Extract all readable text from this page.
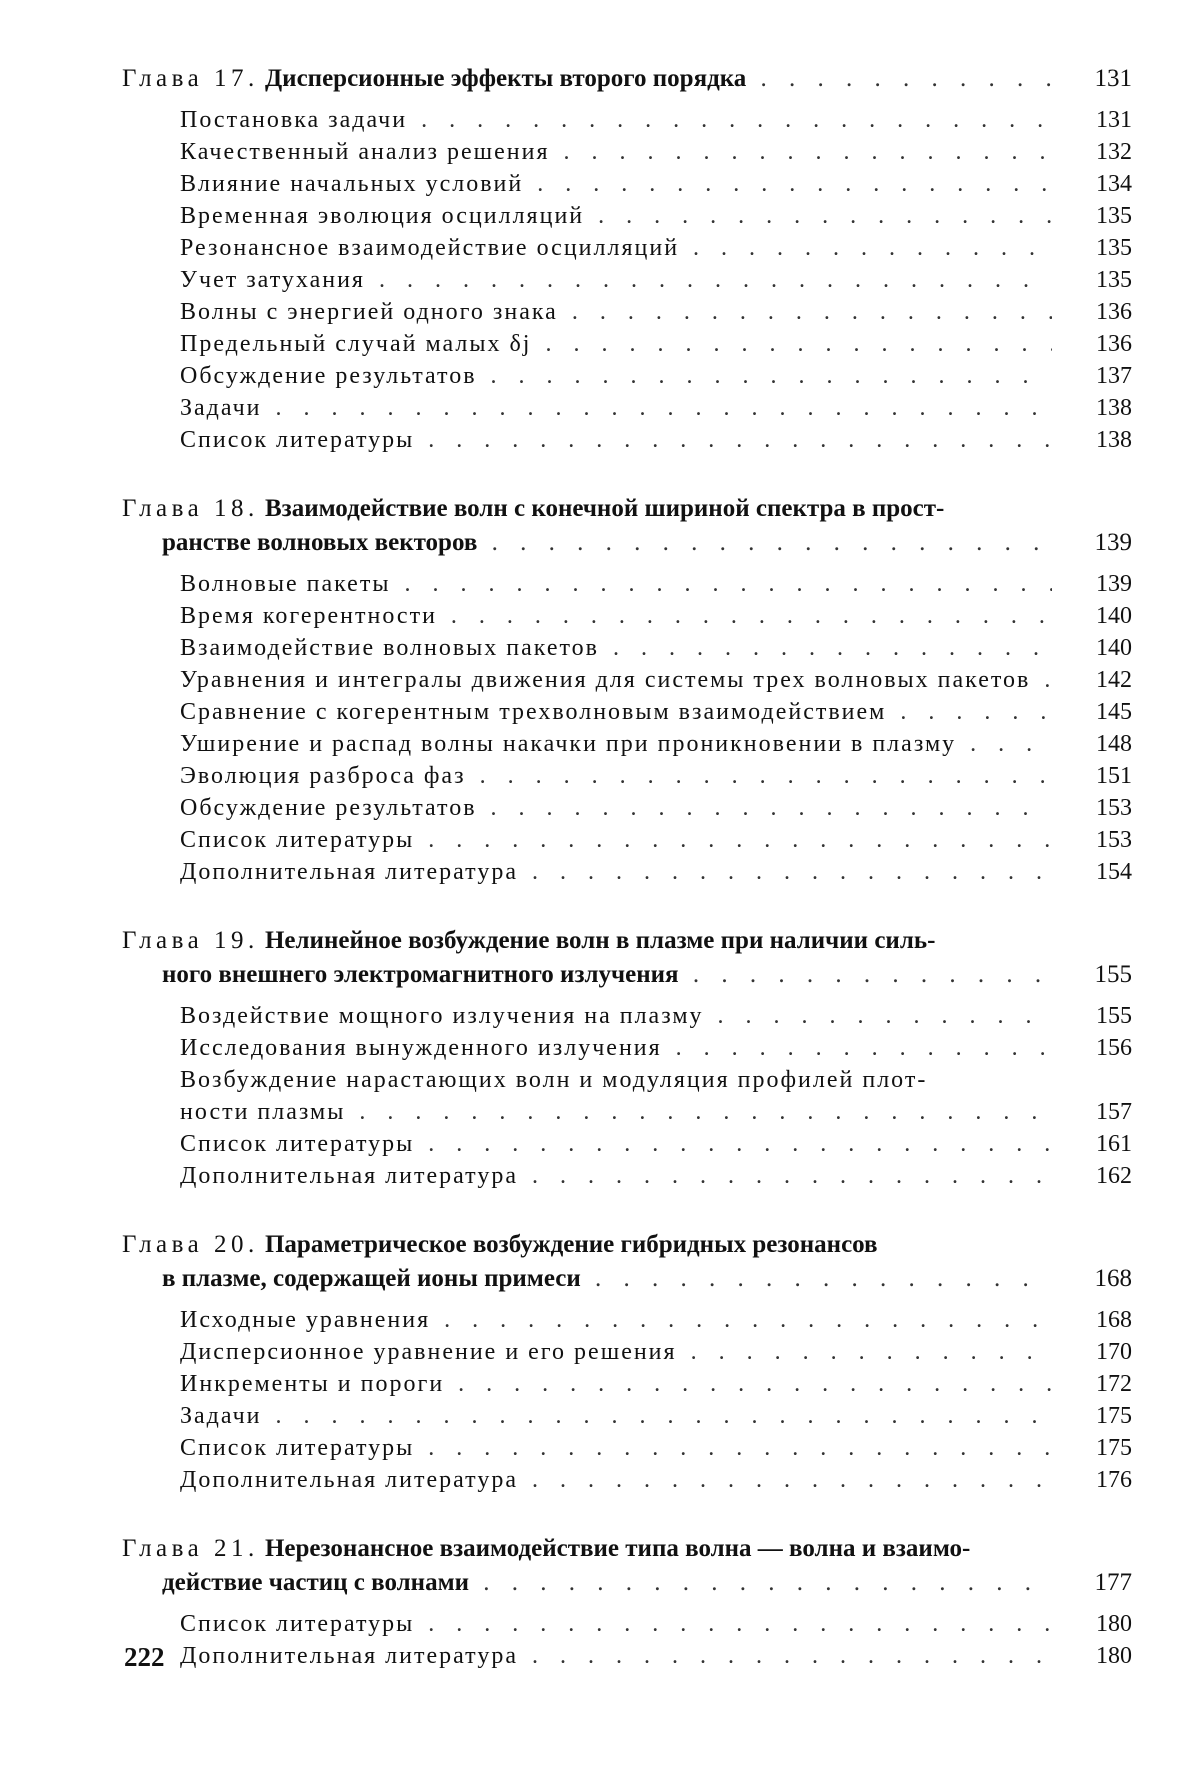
Глава 17. Дисперсионные эффекты второго порядка . . .	131
Постановка задачи . . .	131
Качественный анализ решения . . .	132
Влияние начальных условий . . .	134
Временная эволюция осцилляций . . .	135
Резонансное взаимодействие осцилляций . . .	135
Учет затухания . . .	135
Волны с энергией одного знака . . .	136
Предельный случай малых δj . . .	136
Обсуждение результатов . . .	137
Задачи . . .	138
Список литературы . . .	138
Глава 18. Взаимодействие волн с конечной шириной спектра в прост-
ранстве волновых векторов . . .	139
Волновые пакеты . . .	139
Время когерентности . . .	140
Взаимодействие волновых пакетов . . .	140
Уравнения и интегралы движения для системы трех волновых пакетов . . .	142
Сравнение с когерентным трехволновым взаимодействием . . .	145
Уширение и распад волны накачки при проникновении в плазму . . .	148
Эволюция разброса фаз . . .	151
Обсуждение результатов . . .	153
Список литературы . . .	153
Дополнительная литература . . .	154
Глава 19. Нелинейное возбуждение волн в плазме при наличии силь-
ного внешнего электромагнитного излучения . . .	155
Воздействие мощного излучения на плазму . . .	155
Исследования вынужденного излучения . . .	156
Возбуждение нарастающих волн и модуляция профилей плот-
ности плазмы . . .	157
Список литературы . . .	161
Дополнительная литература . . .	162
Глава 20. Параметрическое возбуждение гибридных резонансов
в плазме, содержащей ионы примеси . . .	168
Исходные уравнения . . .	168
Дисперсионное уравнение и его решения . . .	170
Инкременты и пороги . . .	172
Задачи . . .	175
Список литературы . . .	175
Дополнительная литература . . .	176
Глава 21. Нерезонансное взаимодействие типа волна — волна и взаимо-
действие частиц с волнами . . .	177
Список литературы . . .	180
Дополнительная литература . . .	180
222
